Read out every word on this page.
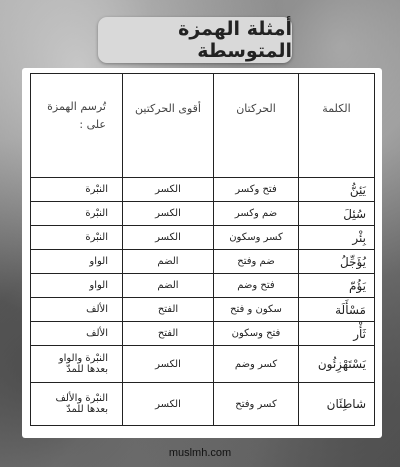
أمثلة الهمزة المتوسطة
الكلمة	الحركتان	أقوى الحركتين	تُرسم الهمزة على :
يَئِنُّ	فتح وكسر	الكسر	النبْرة
سُئِلَ	ضم وكسر	الكسر	النبْرة
بِئْر	كسر وسكون	الكسر	النبْرة
يُؤَجِّلُ	ضم وفتح	الضم	الواو
يَؤُمّ	فتح وضم	الضم	الواو
مَسْأَلَة	سكون و فتح	الفتح	الألف
ثَأْر	فتح وسكون	الفتح	الألف
يَسْتَهْزِئُون	كسر وضم	الكسر	النبْرة والواو بعدها للمدّ
شاطِئَان	كسر وفتح	الكسر	النبْرة والألف بعدها للمدّ
muslmh.com
